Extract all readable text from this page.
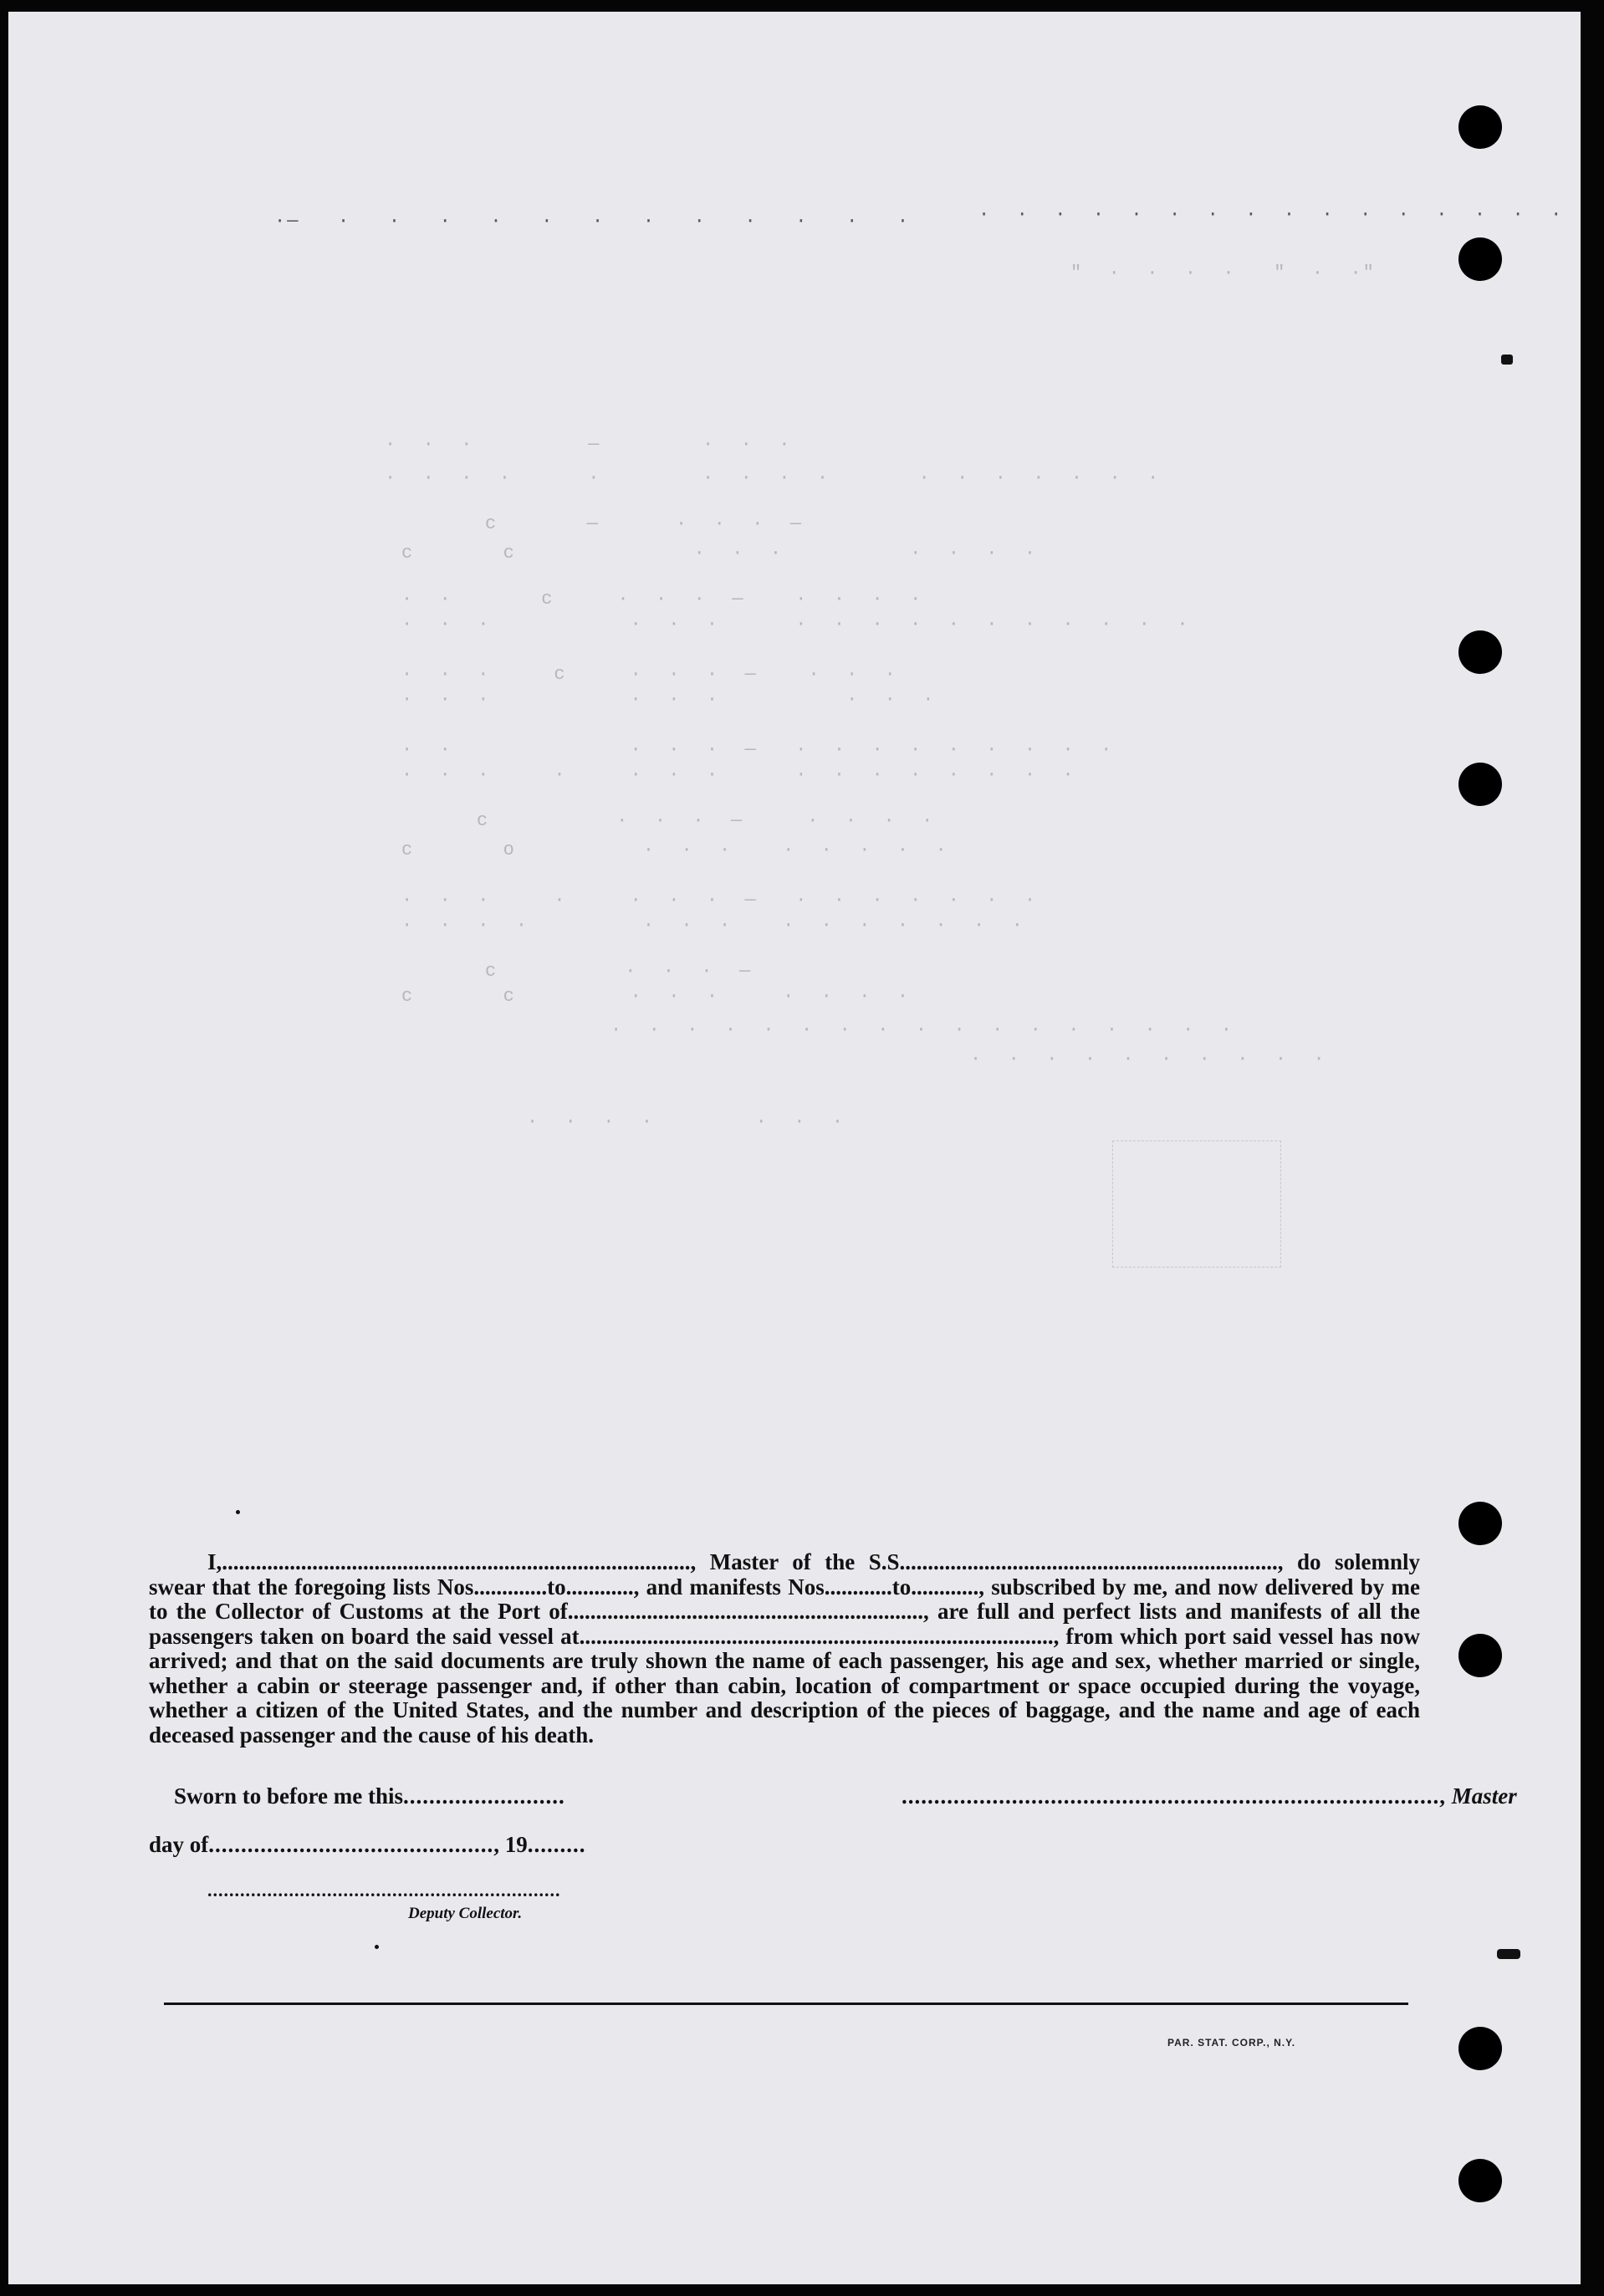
·—   ·   ·   ·   ·   ·   ·   ·   ·   ·   ·   ·   ·	·  ·  ·  ·  ·  ·  ·  ·  ·  ·  ·  ·  ·  ·  ·  ·
"  ·  ·  ·  ·   "  ·  ·"
·  ·  ·         —        ·  ·  ·
·  ·  ·  ·      ·        ·  ·  ·  ·       ·  ·  ·  ·  ·  ·  ·
c       —      ·  ·  ·  —
c       c              ·  ·  ·          ·  ·  ·  ·
·  ·       c     ·  ·  ·  —    ·  ·  ·  ·
·  ·  ·           ·  ·  ·      ·  ·  ·  ·  ·  ·  ·  ·  ·  ·  ·
·  ·  ·     c     ·  ·  ·  —    ·  ·  ·
·  ·  ·           ·  ·  ·          ·  ·  ·
·  ·              ·  ·  ·  —   ·  ·  ·  ·  ·  ·  ·  ·  ·
·  ·  ·     ·     ·  ·  ·      ·  ·  ·  ·  ·  ·  ·  ·
c          ·  ·  ·  —     ·  ·  ·  ·
c       o          ·  ·  ·    ·  ·  ·  ·  ·
·  ·  ·     ·     ·  ·  ·  —   ·  ·  ·  ·  ·  ·  ·
·  ·  ·  ·         ·  ·  ·    ·  ·  ·  ·  ·  ·  ·
c          ·  ·  ·  —
c       c         ·  ·  ·     ·  ·  ·  ·
·  ·  ·  ·  ·  ·  ·  ·  ·  ·  ·  ·  ·  ·  ·  ·  ·
·  ·  ·  ·  ·  ·  ·  ·  ·  ·
·  ·  ·  ·        ·  ·  ·
I,..................................................................................., Master of the S.S..................................................................., do solemnly swear that the foregoing lists Nos.............to............, and manifests Nos............to............, subscribed by me, and now delivered by me to the Collector of Customs at the Port of..............................................................., are full and perfect lists and manifests of all the passengers taken on board the said vessel at...................................................................................., from which port said vessel has now arrived; and that on the said documents are truly shown the name of each passenger, his age and sex, whether married or single, whether a cabin or steerage passenger and, if other than cabin, location of compartment or space occupied during the voyage, whether a citizen of the United States, and the number and description of the pieces of baggage, and the name and age of each deceased passenger and the cause of his death.
Sworn to before me this.........................	..................................................................................., Master
day of............................................, 19.........
.................................................................
Deputy Collector.
PAR. STAT. CORP., N.Y.
